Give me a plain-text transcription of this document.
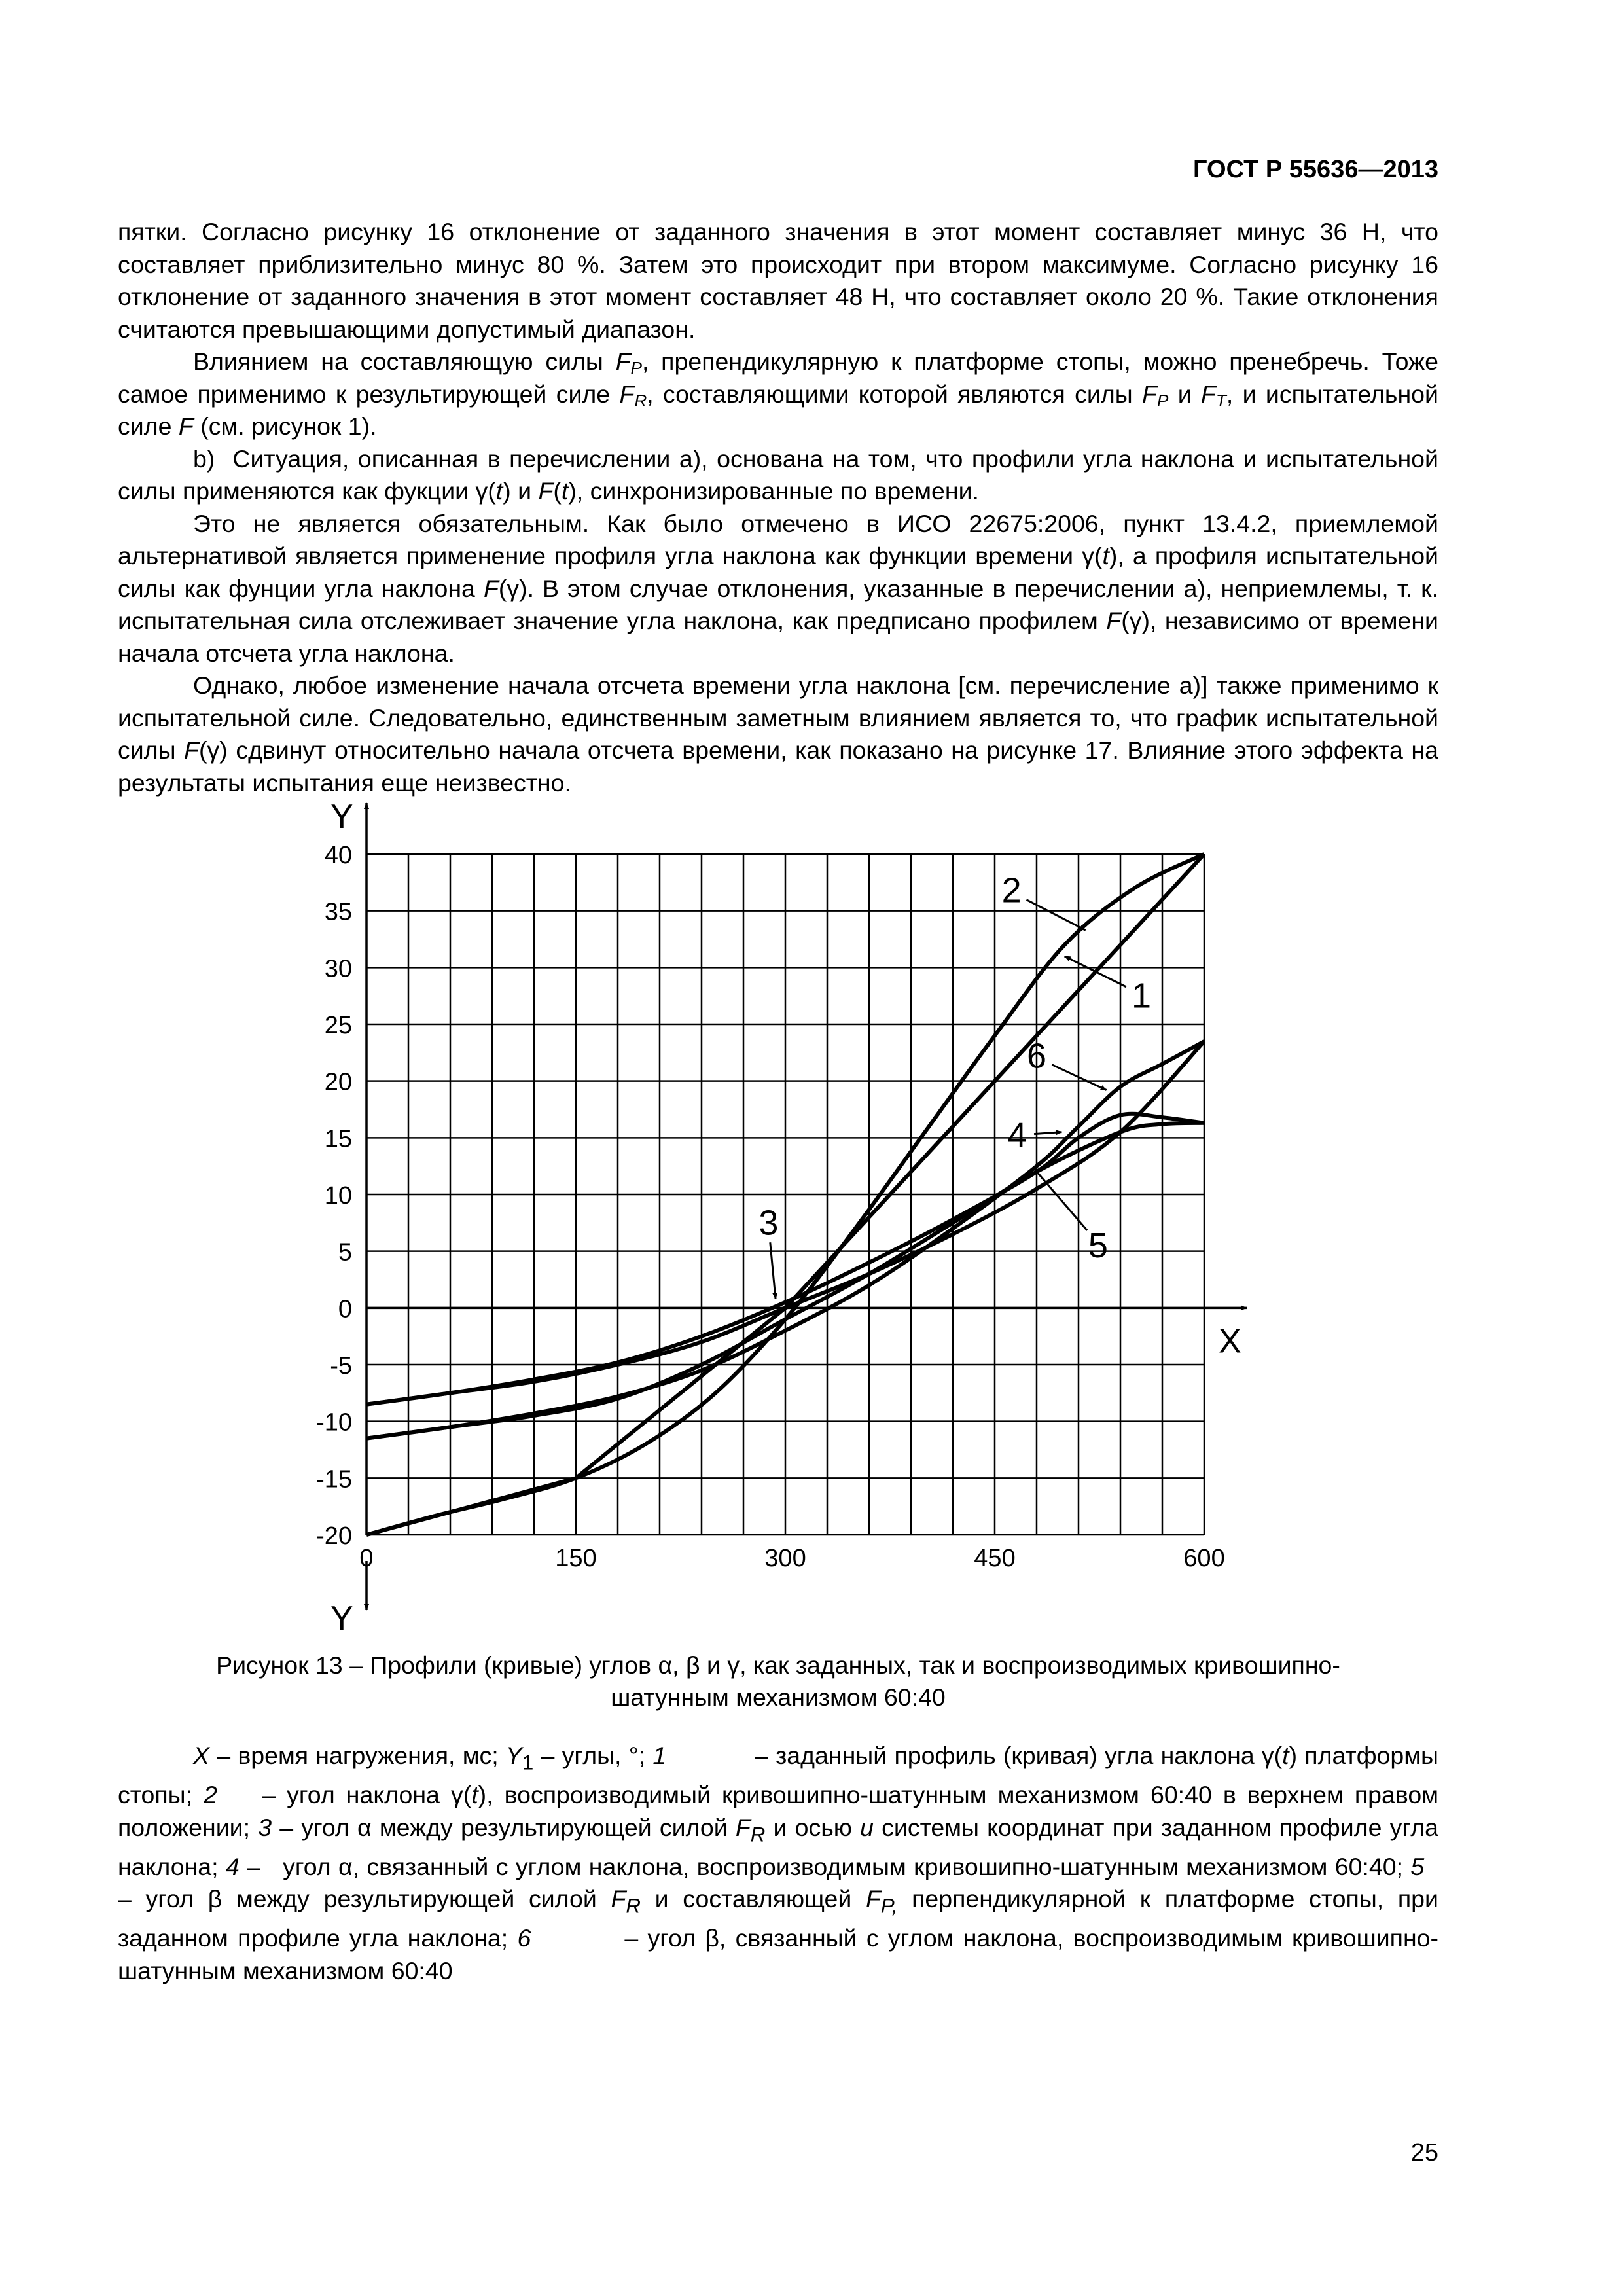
ГОСТ Р 55636—2013

пятки. Согласно рисунку 16 отклонение от заданного значения в этот момент составляет минус 36 Н, что составляет приблизительно минус 80 %. Затем это происходит при втором максимуме. Согласно рисунку 16 отклонение от заданного значения в этот момент составляет 48 Н, что составляет около 20 %. Такие отклонения считаются превышающими допустимый диапазон.

Влиянием на составляющую силы $F_P$, препендикулярную к платформе стопы, можно пренебречь. Тоже самое применимо к результирующей силе $F_R$, составляющими которой являются силы $F_P$ и $F_T$, и испытательной силе F (см. рисунок 1).

b)  Ситуация, описанная в перечислении а), основана на том, что профили угла наклона и испытательной силы применяются как фукции γ(t) и F(t), синхронизированные по времени.

Это не является обязательным. Как было отмечено в ИСО 22675:2006, пункт 13.4.2, приемлемой альтернативой является применение профиля угла наклона как функции времени γ(t), а профиля испытательной силы как фунции угла наклона F(γ). В этом случае отклонения, указанные в перечислении а), неприемлемы, т. к. испытательная сила отслеживает значение угла наклона, как предписано профилем F(γ), независимо от времени начала отсчета угла наклона.

Однако, любое изменение начала отсчета времени угла наклона [см. перечисление а)] также применимо к испытательной силе. Следовательно, единственным заметным влиянием является то, что график испытательной силы F(γ) сдвинут относительно начала отсчета времени, как показано на рисунке 17. Влияние этого эффекта на результаты испытания еще неизвестно.

Y
Y
X
40
35
30
25
20
15
10
5
0
-5
-10
-15
-20
0	150	300	450	600
1
2
3
4
5
6
Рисунок 13 – Профили (кривые) углов α, β и γ, как заданных, так и воспроизводимых кривошипно-
шатунным механизмом 60:40

X – время нагружения, мс; $Y_1$ – углы, °; 1            – заданный профиль (кривая) угла наклона γ(t) платформы стопы; 2    – угол наклона γ(t), воспроизводимый кривошипно-шатунным механизмом 60:40 в верхнем правом положении; 3 – угол α между результирующей силой $F_R$ и осью u системы координат при заданном профиле угла наклона; 4 –   угол α, связанный с углом наклона, воспроизводимым кривошипно-шатунным механизмом 60:40; 5   – угол β между результирующей силой $F_R$ и составляющей $F_{P,}$ перпендикулярной к платформе стопы, при заданном профиле угла наклона; 6          – угол β, связанный с углом наклона, воспроизводимым кривошипно-шатунным механизмом 60:40

25
